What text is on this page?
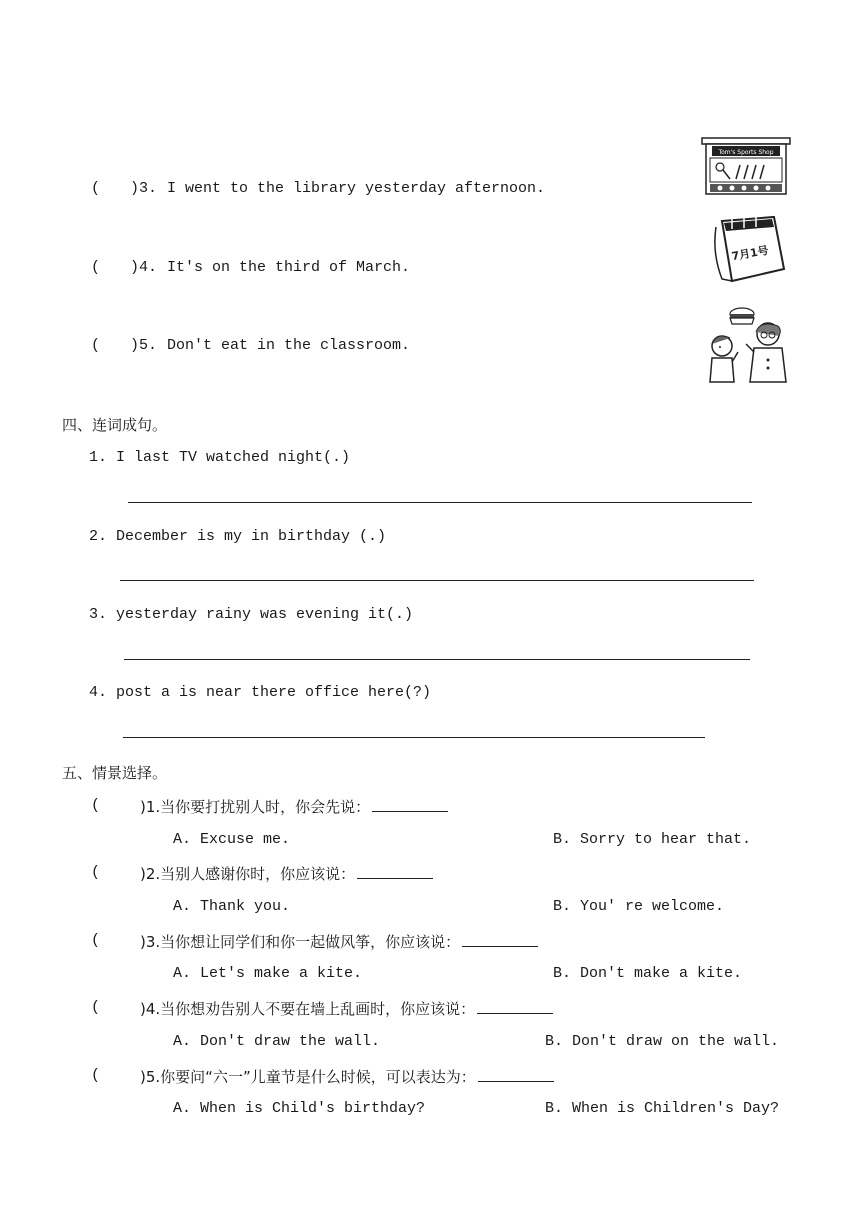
( )3. I went to the library yesterday afternoon.
( )4. It's on the third of March.
( )5. Don't eat in the classroom.
Tom's Sports Shop
7月1号
四、连词成句。
1. I last TV watched night(.)
2. December is my in birthday (.)
3. yesterday rainy was evening it(.)
4. post a is near there office here(?)
五、情景选择。
(	)1.当你要打扰别人时，你会先说：
A. Excuse me.	B. Sorry to hear that.
(	)2.当别人感谢你时，你应该说：
A. Thank you.	B. You' re welcome.
(	)3.当你想让同学们和你一起做风筝，你应该说：
A. Let's make a kite.	B. Don't make a kite.
(	)4.当你想劝告别人不要在墙上乱画时，你应该说：
A. Don't draw the wall.	B. Don't draw on the wall.
(	)5.你要问“六一”儿童节是什么时候，可以表达为：
A. When is Child's birthday?	B. When is Children's Day?
